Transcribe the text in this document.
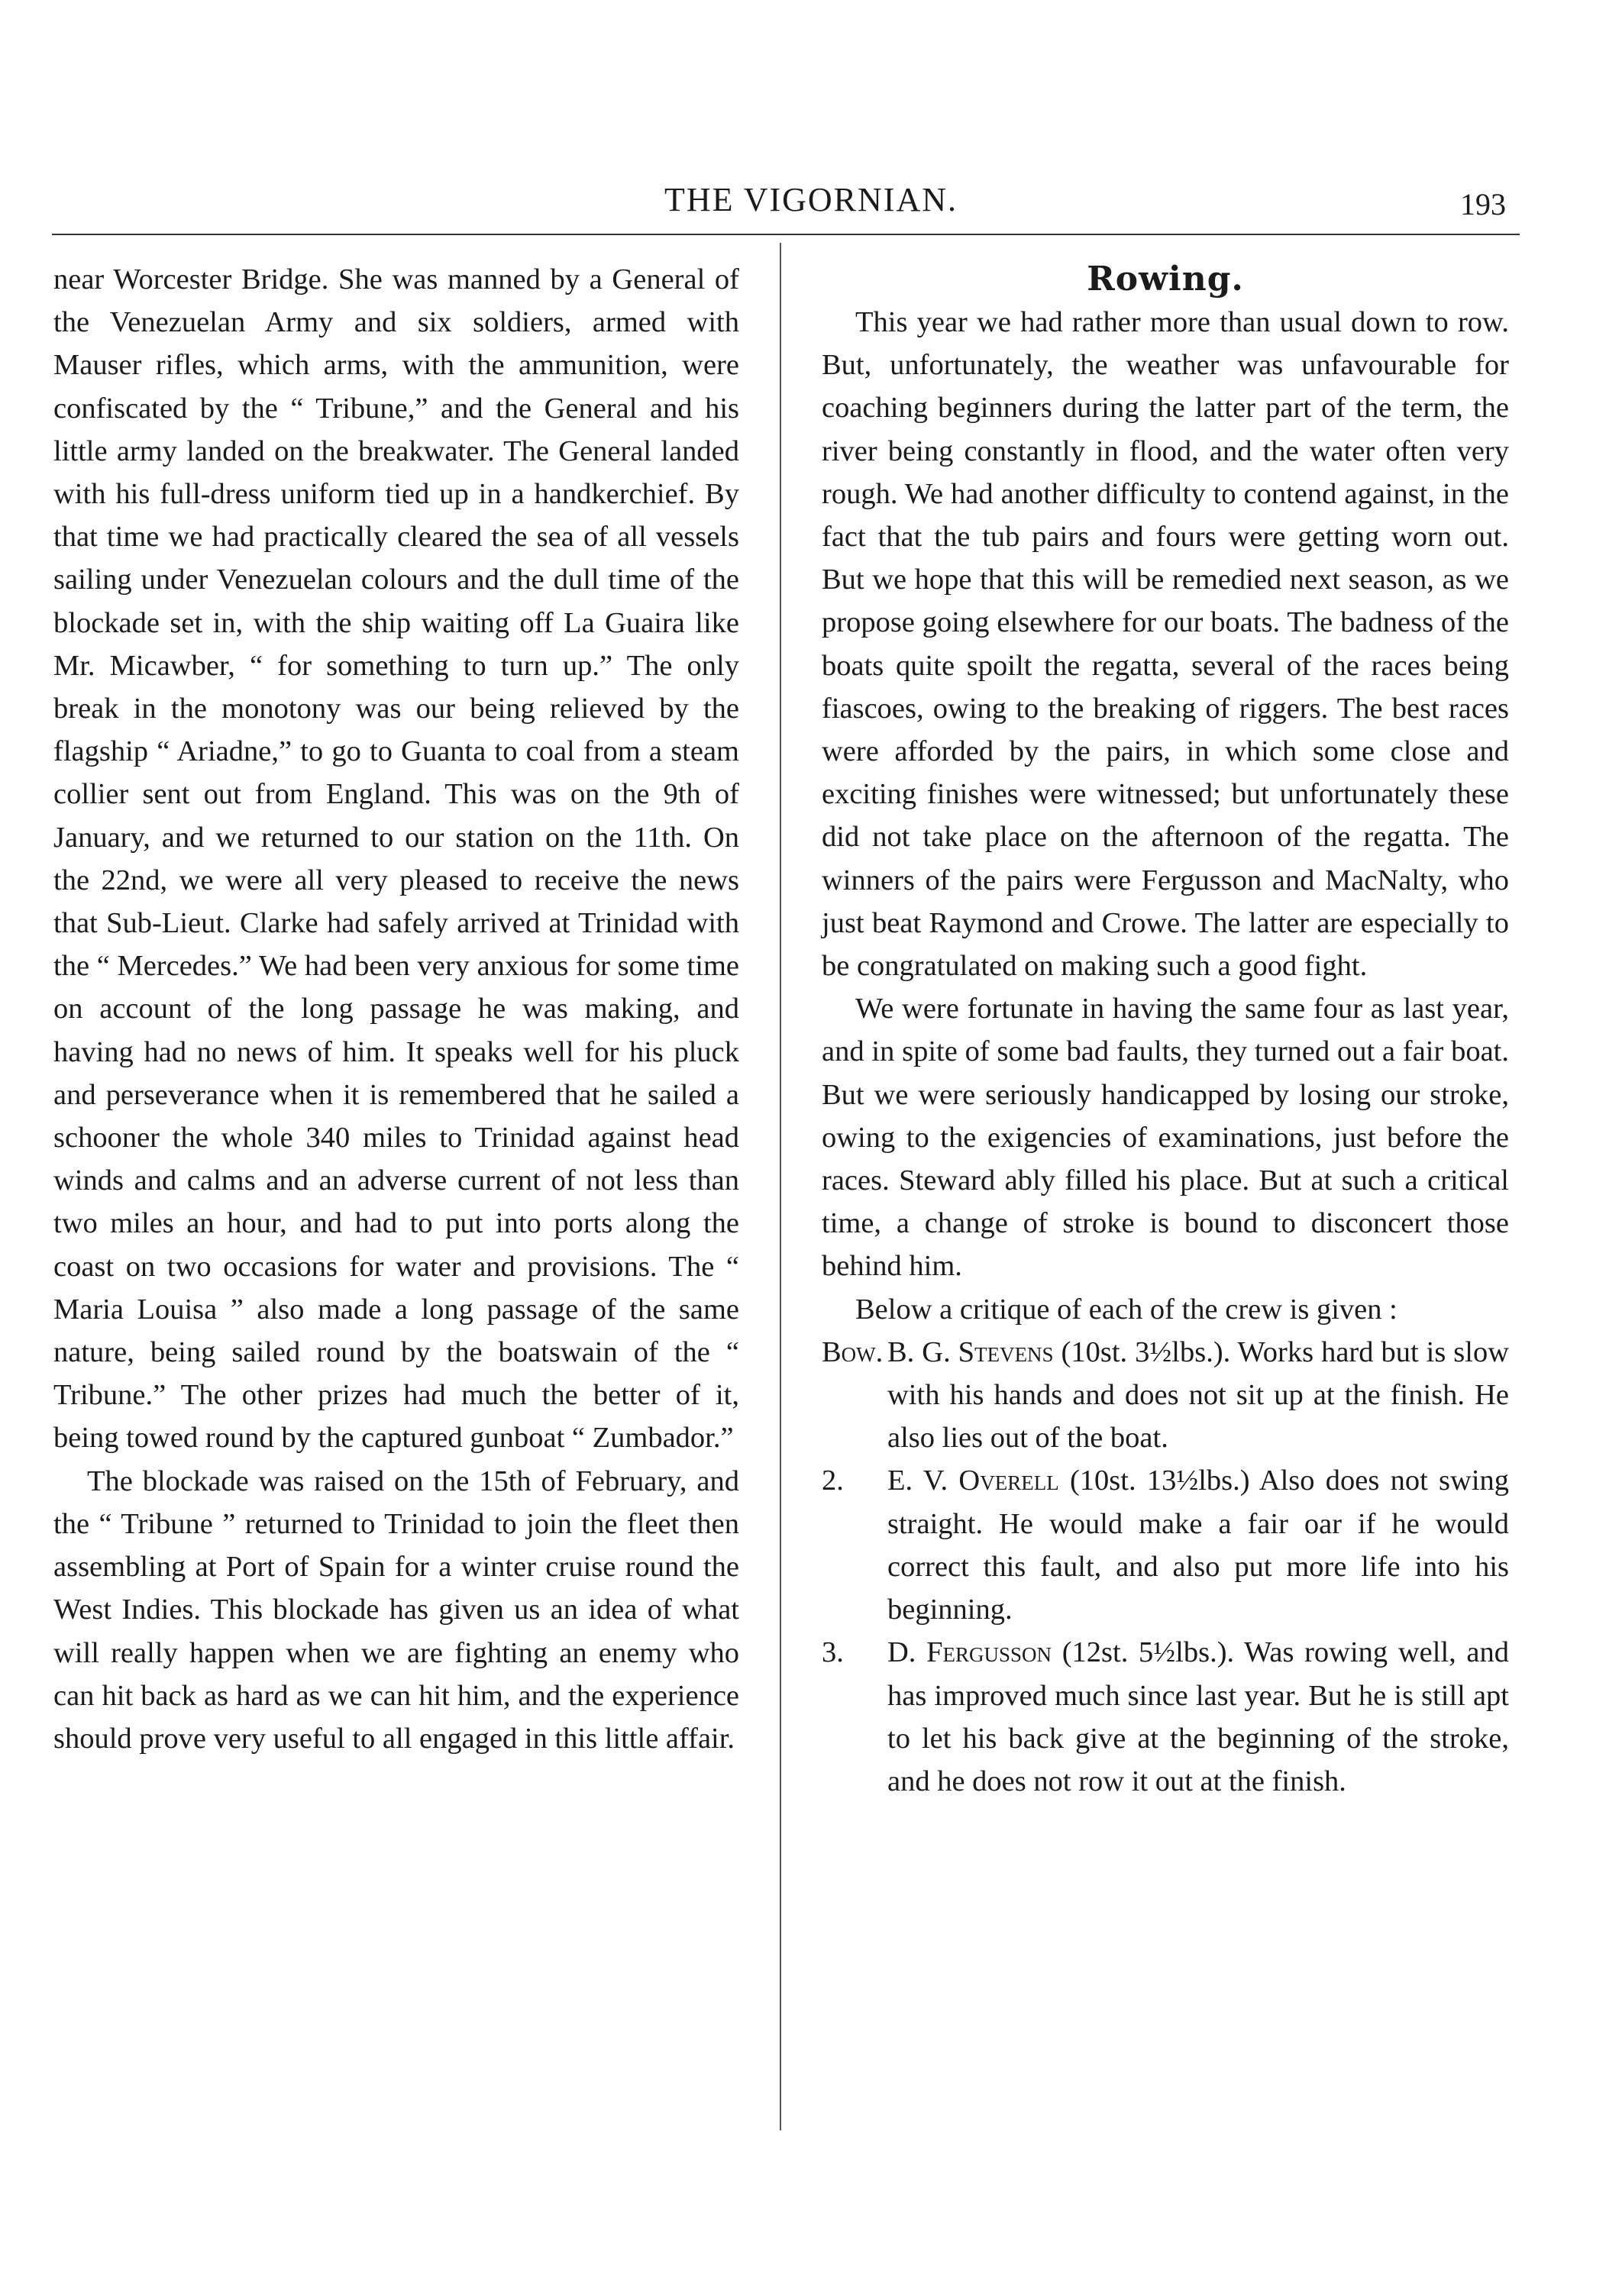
THE VIGORNIAN.	193

near Worcester Bridge. She was manned by a General of the Venezuelan Army and six soldiers, armed with Mauser rifles, which arms, with the ammunition, were confiscated by the “ Tribune,” and the General and his little army landed on the breakwater. The General landed with his full-dress uniform tied up in a handkerchief. By that time we had practically cleared the sea of all vessels sailing under Venezuelan colours and the dull time of the blockade set in, with the ship waiting off La Guaira like Mr. Micawber, “ for something to turn up.” The only break in the monotony was our being relieved by the flagship “ Ariadne,” to go to Guanta to coal from a steam collier sent out from England. This was on the 9th of January, and we returned to our station on the 11th. On the 22nd, we were all very pleased to receive the news that Sub-Lieut. Clarke had safely arrived at Trinidad with the “ Mercedes.” We had been very anxious for some time on account of the long passage he was making, and having had no news of him. It speaks well for his pluck and perseverance when it is remembered that he sailed a schooner the whole 340 miles to Trinidad against head winds and calms and an adverse current of not less than two miles an hour, and had to put into ports along the coast on two occasions for water and provisions. The “ Maria Louisa ” also made a long passage of the same nature, being sailed round by the boatswain of the “ Tribune.” The other prizes had much the better of it, being towed round by the captured gunboat “ Zumbador.”

The blockade was raised on the 15th of February, and the “ Tribune ” returned to Trinidad to join the fleet then assembling at Port of Spain for a winter cruise round the West Indies. This blockade has given us an idea of what will really happen when we are fighting an enemy who can hit back as hard as we can hit him, and the experience should prove very useful to all engaged in this little affair.

Rowing.

This year we had rather more than usual down to row. But, unfortunately, the weather was unfavourable for coaching beginners during the latter part of the term, the river being constantly in flood, and the water often very rough. We had another difficulty to contend against, in the fact that the tub pairs and fours were getting worn out. But we hope that this will be remedied next season, as we propose going elsewhere for our boats. The badness of the boats quite spoilt the regatta, several of the races being fiascoes, owing to the breaking of riggers. The best races were afforded by the pairs, in which some close and exciting finishes were witnessed; but unfortunately these did not take place on the afternoon of the regatta. The winners of the pairs were Fergusson and MacNalty, who just beat Raymond and Crowe. The latter are especially to be congratulated on making such a good fight.

We were fortunate in having the same four as last year, and in spite of some bad faults, they turned out a fair boat. But we were seriously handicapped by losing our stroke, owing to the exigencies of examinations, just before the races. Steward ably filled his place. But at such a critical time, a change of stroke is bound to disconcert those behind him.

Below a critique of each of the crew is given :

Bow. B. G. Stevens (10st. 3½lbs.). Works hard but is slow with his hands and does not sit up at the finish. He also lies out of the boat.

2. E. V. Overell (10st. 13½lbs.) Also does not swing straight. He would make a fair oar if he would correct this fault, and also put more life into his beginning.

3. D. Fergusson (12st. 5½lbs.). Was rowing well, and has improved much since last year. But he is still apt to let his back give at the beginning of the stroke, and he does not row it out at the finish.
